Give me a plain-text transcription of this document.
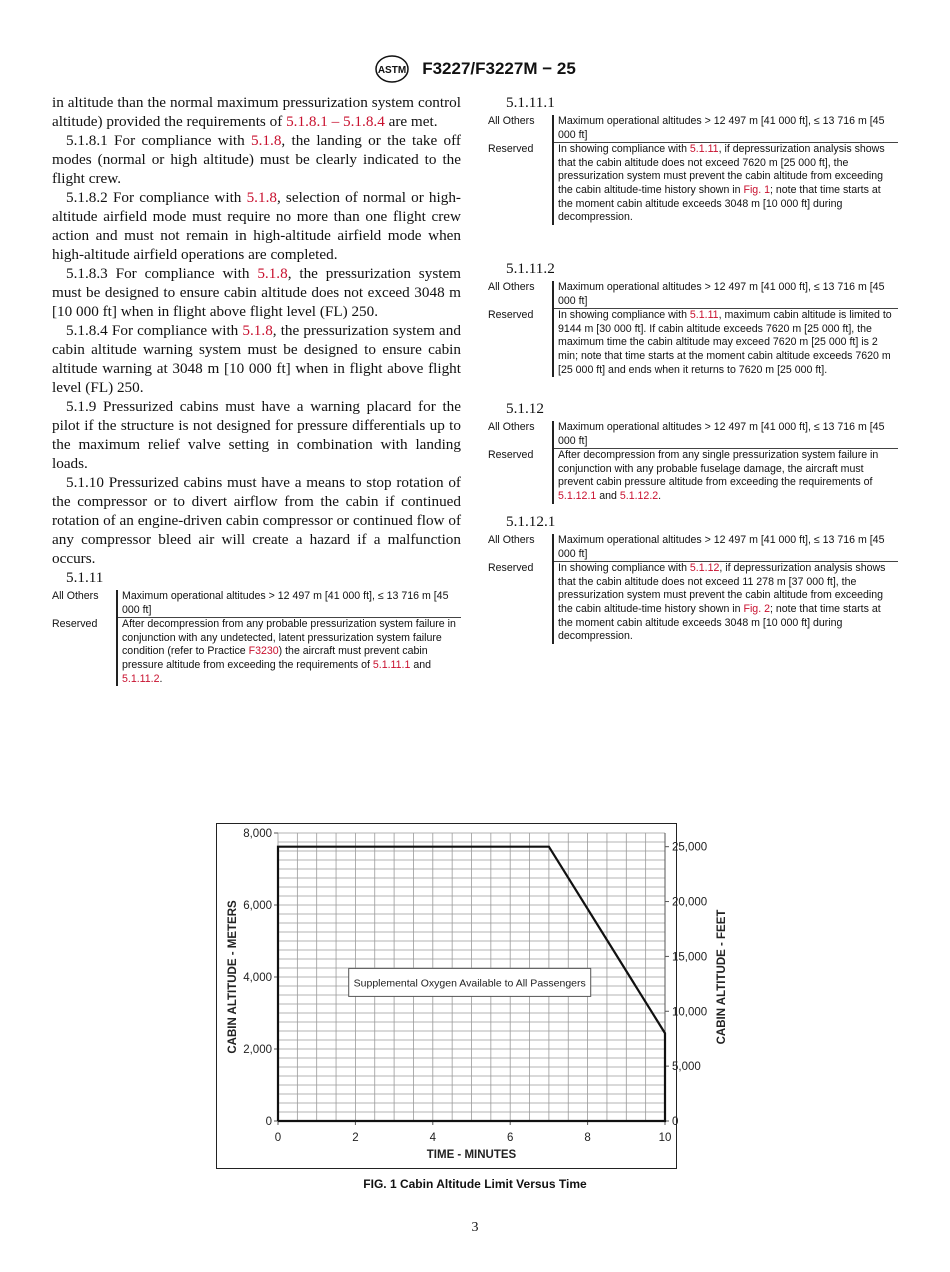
ASTM F3227/F3227M − 25

in altitude than the normal maximum pressurization system control altitude) provided the requirements of 5.1.8.1 – 5.1.8.4 are met.

5.1.8.1 For compliance with 5.1.8, the landing or the take off modes (normal or high altitude) must be clearly indicated to the flight crew.

5.1.8.2 For compliance with 5.1.8, selection of normal or high-altitude airfield mode must require no more than one flight crew action and must not remain in high-altitude airfield mode when high-altitude airfield operations are completed.

5.1.8.3 For compliance with 5.1.8, the pressurization system must be designed to ensure cabin altitude does not exceed 3048 m [10 000 ft] when in flight above flight level (FL) 250.

5.1.8.4 For compliance with 5.1.8, the pressurization system and cabin altitude warning system must be designed to ensure cabin altitude warning at 3048 m [10 000 ft] when in flight above flight level (FL) 250.

5.1.9 Pressurized cabins must have a warning placard for the pilot if the structure is not designed for pressure differentials up to the maximum relief valve setting in combination with landing loads.

5.1.10 Pressurized cabins must have a means to stop rotation of the compressor or to divert airflow from the cabin if continued rotation of an engine-driven cabin compressor or continued flow of any compressor bleed air will create a hazard if a malfunction occurs.

5.1.11
All Others	Maximum operational altitudes > 12 497 m [41 000 ft], ≤ 13 716 m [45 000 ft]
Reserved	After decompression from any probable pressurization system failure in conjunction with any undetected, latent pressurization system failure condition (refer to Practice F3230) the aircraft must prevent cabin pressure altitude from exceeding the requirements of 5.1.11.1 and 5.1.11.2.
5.1.11.1
All Others	Maximum operational altitudes > 12 497 m [41 000 ft], ≤ 13 716 m [45 000 ft]
Reserved	In showing compliance with 5.1.11, if depressurization analysis shows that the cabin altitude does not exceed 7620 m [25 000 ft], the pressurization system must prevent the cabin altitude from exceeding the cabin altitude-time history shown in Fig. 1; note that time starts at the moment cabin altitude exceeds 3048 m [10 000 ft] during decompression.
5.1.11.2
All Others	Maximum operational altitudes > 12 497 m [41 000 ft], ≤ 13 716 m [45 000 ft]
Reserved	In showing compliance with 5.1.11, maximum cabin altitude is limited to 9144 m [30 000 ft]. If cabin altitude exceeds 7620 m [25 000 ft], the maximum time the cabin altitude may exceed 7620 m [25 000 ft] is 2 min; note that time starts at the moment cabin altitude exceeds 7620 m [25 000 ft] and ends when it returns to 7620 m [25 000 ft].
5.1.12
All Others	Maximum operational altitudes > 12 497 m [41 000 ft], ≤ 13 716 m [45 000 ft]
Reserved	After decompression from any single pressurization system failure in conjunction with any probable fuselage damage, the aircraft must prevent cabin pressure altitude from exceeding the requirements of 5.1.12.1 and 5.1.12.2.
5.1.12.1
All Others	Maximum operational altitudes > 12 497 m [41 000 ft], ≤ 13 716 m [45 000 ft]
Reserved	In showing compliance with 5.1.12, if depressurization analysis shows that the cabin altitude does not exceed 11 278 m [37 000 ft], the pressurization system must prevent the cabin altitude from exceeding the cabin altitude-time history shown in Fig. 2; note that time starts at the moment cabin altitude exceeds 3048 m [10 000 ft] during decompression.
0	2	4	6	8	10
0
2,000
4,000
6,000
8,000
0
5,000
10,000
15,000
20,000
25,000
Supplemental Oxygen Available to All Passengers
TIME - MINUTES
CABIN ALTITUDE - METERS	CABIN ALTITUDE - FEET
FIG. 1 Cabin Altitude Limit Versus Time
3
